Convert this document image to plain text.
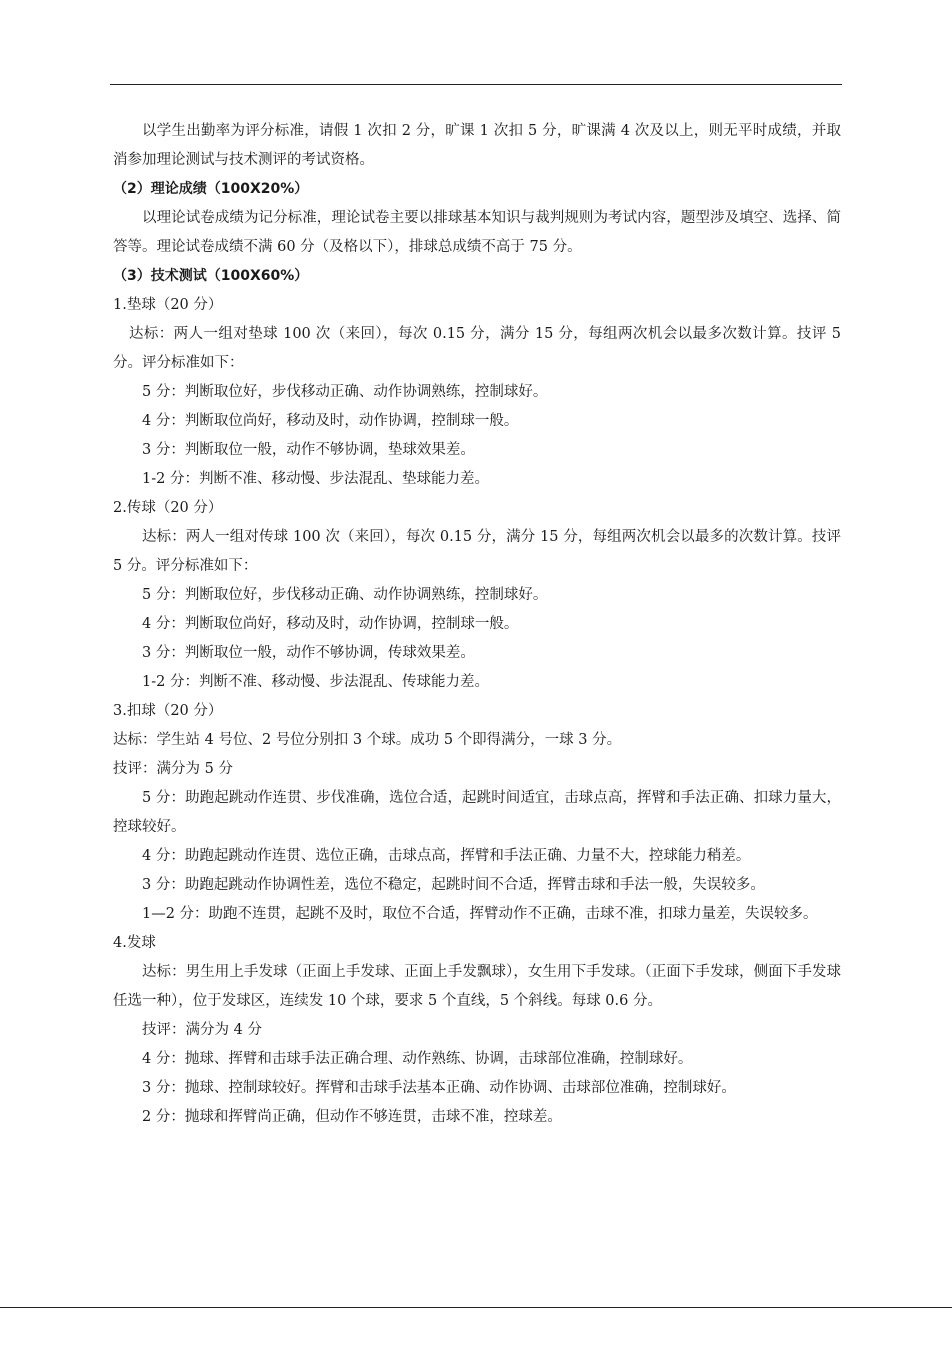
以学生出勤率为评分标准，请假 1 次扣 2 分，旷课 1 次扣 5 分，旷课满 4 次及以上，则无平时成绩，并取消参加理论测试与技术测评的考试资格。

（2）理论成绩（100X20%）

以理论试卷成绩为记分标准，理论试卷主要以排球基本知识与裁判规则为考试内容，题型涉及填空、选择、简答等。理论试卷成绩不满 60 分（及格以下），排球总成绩不高于 75 分。

（3）技术测试（100X60%）

1.垫球（20 分）

达标：两人一组对垫球 100 次（来回），每次 0.15 分，满分 15 分，每组两次机会以最多次数计算。技评 5 分。评分标准如下：

5 分：判断取位好，步伐移动正确、动作协调熟练，控制球好。

4 分：判断取位尚好，移动及时，动作协调，控制球一般。

3 分：判断取位一般，动作不够协调，垫球效果差。

1-2 分：判断不准、移动慢、步法混乱、垫球能力差。

2.传球（20 分）

达标：两人一组对传球 100 次（来回），每次 0.15 分，满分 15 分，每组两次机会以最多的次数计算。技评 5 分。评分标准如下：

5 分：判断取位好，步伐移动正确、动作协调熟练，控制球好。

4 分：判断取位尚好，移动及时，动作协调，控制球一般。

3 分：判断取位一般，动作不够协调，传球效果差。

1-2 分：判断不准、移动慢、步法混乱、传球能力差。

3.扣球（20 分）

达标：学生站 4 号位、2 号位分别扣 3 个球。成功 5 个即得满分，一球 3 分。

技评：满分为 5 分

5 分：助跑起跳动作连贯、步伐准确，选位合适，起跳时间适宜，击球点高，挥臂和手法正确、扣球力量大，控球较好。

4 分：助跑起跳动作连贯、选位正确，击球点高，挥臂和手法正确、力量不大，控球能力稍差。

3 分：助跑起跳动作协调性差，选位不稳定，起跳时间不合适，挥臂击球和手法一般，失误较多。

1—2 分：助跑不连贯，起跳不及时，取位不合适，挥臂动作不正确，击球不准，扣球力量差，失误较多。

4.发球

达标：男生用上手发球（正面上手发球、正面上手发飘球），女生用下手发球。（正面下手发球，侧面下手发球任选一种），位于发球区，连续发 10 个球，要求 5 个直线，5 个斜线。每球 0.6 分。

技评：满分为 4 分

4 分：抛球、挥臂和击球手法正确合理、动作熟练、协调，击球部位准确，控制球好。

3 分：抛球、控制球较好。挥臂和击球手法基本正确、动作协调、击球部位准确，控制球好。

2 分：抛球和挥臂尚正确，但动作不够连贯，击球不准，控球差。
